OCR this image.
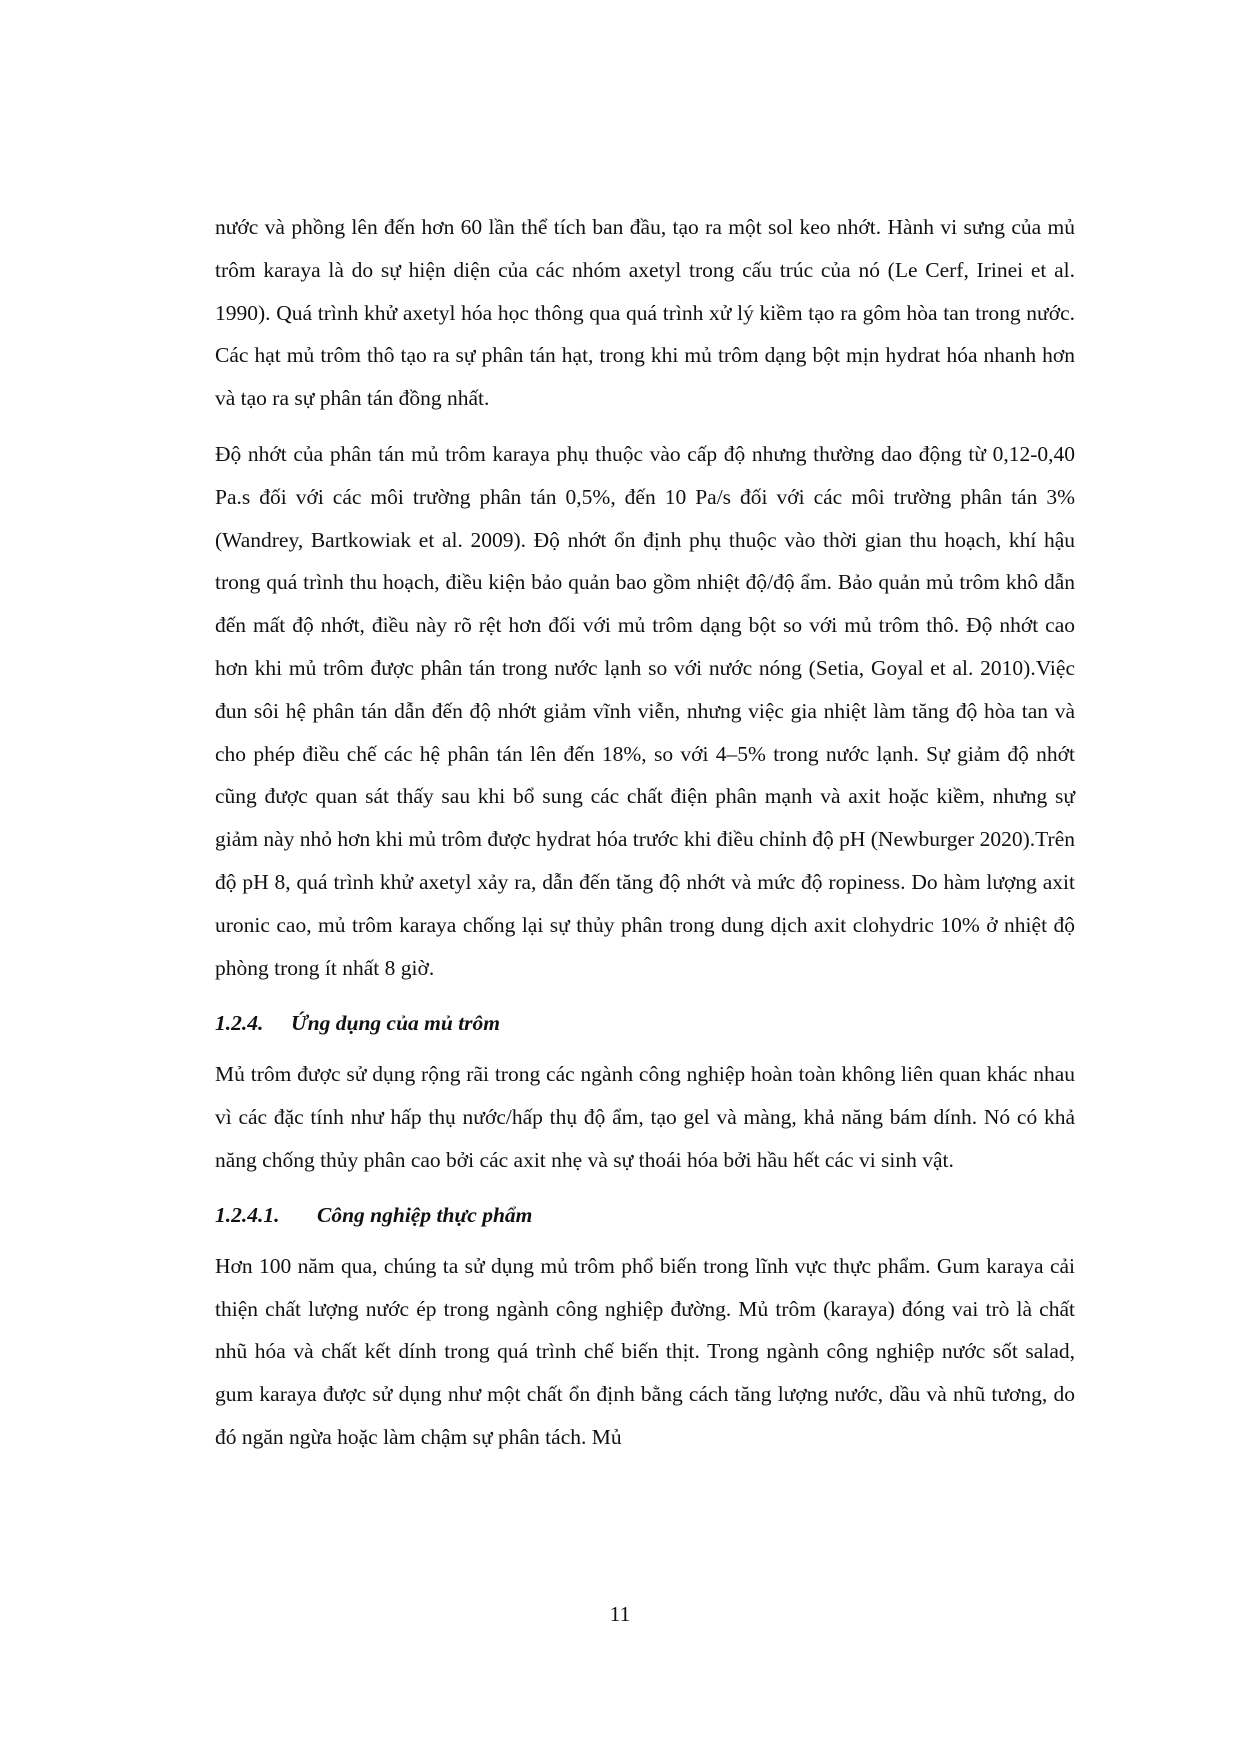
nước và phồng lên đến hơn 60 lần thể tích ban đầu, tạo ra một sol keo nhớt. Hành vi sưng của mủ trôm karaya là do sự hiện diện của các nhóm axetyl trong cấu trúc của nó (Le Cerf, Irinei et al. 1990). Quá trình khử axetyl hóa học thông qua quá trình xử lý kiềm tạo ra gôm hòa tan trong nước. Các hạt mủ trôm thô tạo ra sự phân tán hạt, trong khi mủ trôm dạng bột mịn hydrat hóa nhanh hơn và tạo ra sự phân tán đồng nhất.

Độ nhớt của phân tán mủ trôm karaya phụ thuộc vào cấp độ nhưng thường dao động từ 0,12-0,40 Pa.s đối với các môi trường phân tán 0,5%, đến 10 Pa/s đối với các môi trường phân tán 3% (Wandrey, Bartkowiak et al. 2009). Độ nhớt ổn định phụ thuộc vào thời gian thu hoạch, khí hậu trong quá trình thu hoạch, điều kiện bảo quản bao gồm nhiệt độ/độ ẩm. Bảo quản mủ trôm khô dẫn đến mất độ nhớt, điều này rõ rệt hơn đối với mủ trôm dạng bột so với mủ trôm thô. Độ nhớt cao hơn khi mủ trôm được phân tán trong nước lạnh so với nước nóng (Setia, Goyal et al. 2010).Việc đun sôi hệ phân tán dẫn đến độ nhớt giảm vĩnh viễn, nhưng việc gia nhiệt làm tăng độ hòa tan và cho phép điều chế các hệ phân tán lên đến 18%, so với 4–5% trong nước lạnh. Sự giảm độ nhớt cũng được quan sát thấy sau khi bổ sung các chất điện phân mạnh và axit hoặc kiềm, nhưng sự giảm này nhỏ hơn khi mủ trôm được hydrat hóa trước khi điều chỉnh độ pH (Newburger 2020).Trên độ pH 8, quá trình khử axetyl xảy ra, dẫn đến tăng độ nhớt và mức độ ropiness. Do hàm lượng axit uronic cao, mủ trôm karaya chống lại sự thủy phân trong dung dịch axit clohydric 10% ở nhiệt độ phòng trong ít nhất 8 giờ.

1.2.4. Ứng dụng của mủ trôm

Mủ trôm được sử dụng rộng rãi trong các ngành công nghiệp hoàn toàn không liên quan khác nhau vì các đặc tính như hấp thụ nước/hấp thụ độ ẩm, tạo gel và màng, khả năng bám dính. Nó có khả năng chống thủy phân cao bởi các axit nhẹ và sự thoái hóa bởi hầu hết các vi sinh vật.

1.2.4.1. Công nghiệp thực phẩm

Hơn 100 năm qua, chúng ta sử dụng mủ trôm phổ biến trong lĩnh vực thực phẩm. Gum karaya cải thiện chất lượng nước ép trong ngành công nghiệp đường. Mủ trôm (karaya) đóng vai trò là chất nhũ hóa và chất kết dính trong quá trình chế biến thịt. Trong ngành công nghiệp nước sốt salad, gum karaya được sử dụng như một chất ổn định bằng cách tăng lượng nước, dầu và nhũ tương, do đó ngăn ngừa hoặc làm chậm sự phân tách. Mủ

11
